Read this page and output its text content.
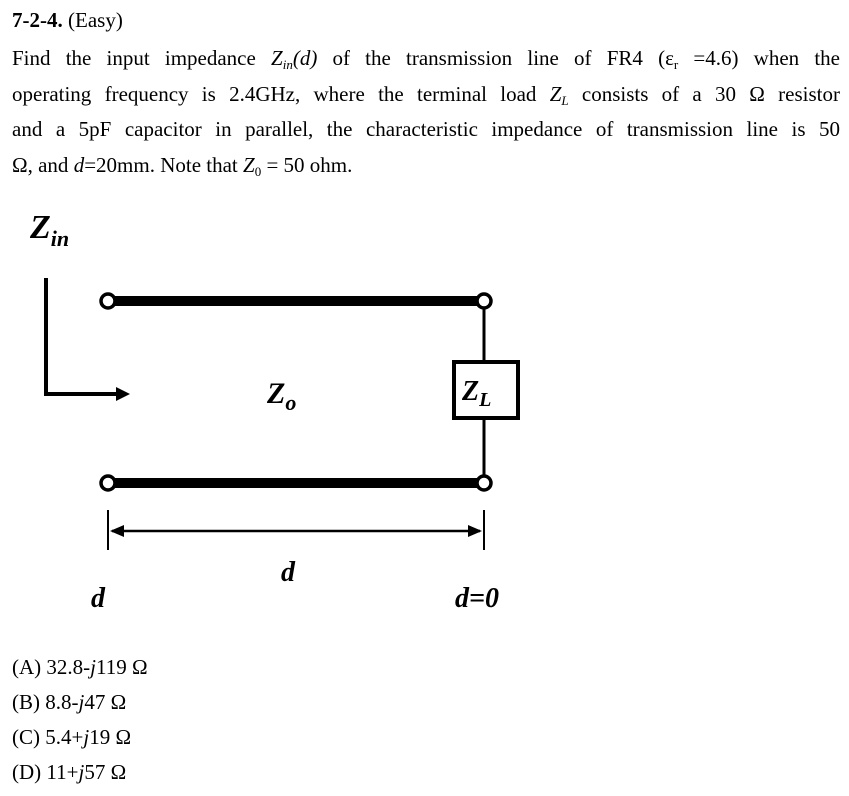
7-2-4. (Easy)
Find the input impedance $Z_{in}(d)$ of the transmission line of FR4 $(\varepsilon_r =4.6)$ when the
operating frequency is 2.4GHz, where the terminal load $Z_L$ consists of a 30 Ω resistor
and a 5pF capacitor in parallel, the characteristic impedance of transmission line is 50
Ω, and d=20mm. Note that $Z_0 = 50$ ohm.
$Z_{in}$
$Z_L$
$Z_o$
d
d
d=0
(A) 32.8-j119 Ω
(B) 8.8-j47 Ω
(C) 5.4+j19 Ω
(D) 11+j57 Ω
